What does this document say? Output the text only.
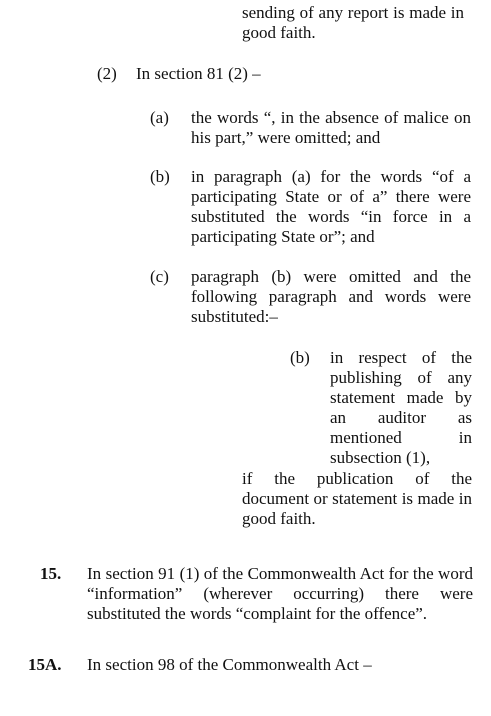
sending of any report is made in good faith.

(2) In section 81 (2) –
(a) the words “, in the absence of malice on his part,” were omitted; and

(b) in paragraph (a) for the words “of a participating State or of a” there were substituted the words “in force in a participating State or”; and

(c) paragraph (b) were omitted and the following paragraph and words were substituted:–

(b) in respect of the publishing of any statement made by an auditor as mentioned in subsection (1),

if the publication of the document or statement is made in good faith.

15. In section 91 (1) of the Commonwealth Act for the word “information” (wherever occurring) there were substituted the words “complaint for the offence”.

15A. In section 98 of the Commonwealth Act –
